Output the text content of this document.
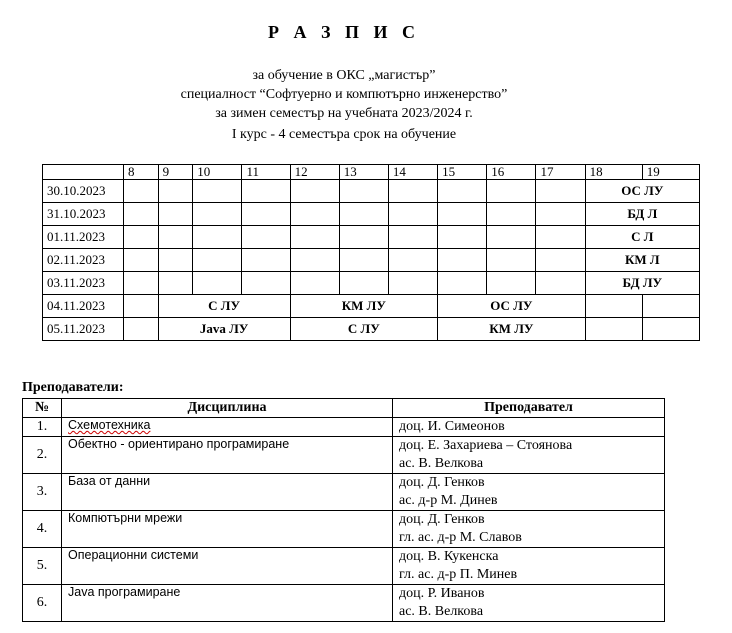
Р А З П И С
за обучение в ОКС „магистър”
специалност “Софтуерно и компютърно инженерство”
за зимен семестър на учебната 2023/2024 г.
I курс - 4 семестъра срок на обучение
	8	9	10	11	12	13	14	15	16	17	18	19
30.10.2023											ОС ЛУ	
31.10.2023											БД Л	
01.11.2023											С Л	
02.11.2023											КМ Л	
03.11.2023											БД ЛУ	
04.11.2023		С ЛУ			КМ ЛУ			ОС ЛУ				
05.11.2023		Java ЛУ			С ЛУ			КМ ЛУ				
Преподаватели:
№	Дисциплина	Преподавател
1.	Схемотехника	доц. И. Симеонов

2.	Обектно - ориентирано програмиране	доц. Е. Захариева – Стоянова
ас. В. Велкова

3.	База от данни	доц. Д. Генков
ас. д-р М. Динев

4.	Компютърни мрежи	доц. Д. Генков
гл. ас. д-р М. Славов

5.	Операционни системи	доц. В. Кукенска
гл. ас. д-р П. Минев

6.	Java програмиране	доц. Р. Иванов
ас. В. Велкова
